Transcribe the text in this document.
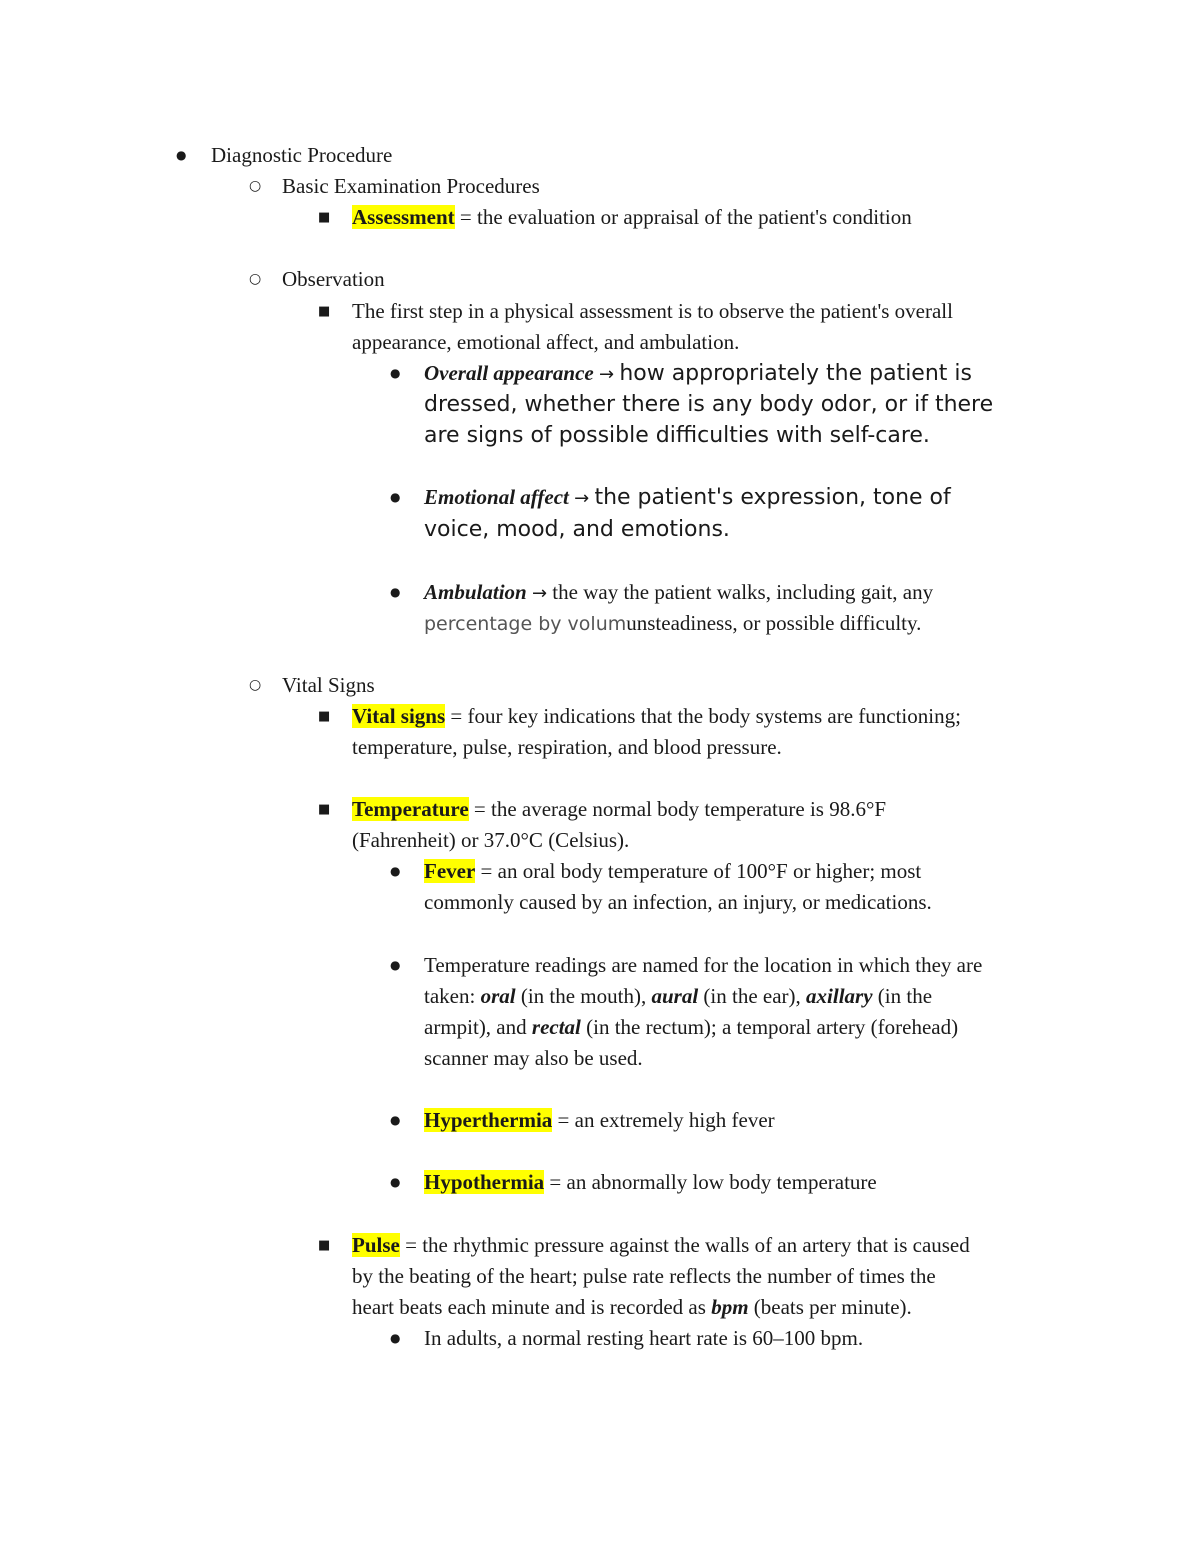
● Diagnostic Procedure
○ Basic Examination Procedures
■ Assessment = the evaluation or appraisal of the patient's condition
○ Observation
■ The first step in a physical assessment is to observe the patient's overall
appearance, emotional affect, and ambulation.
● Overall appearance → how appropriately the patient is
dressed, whether there is any body odor, or if there
are signs of possible difficulties with self-care.
● Emotional affect → the patient's expression, tone of
voice, mood, and emotions.
● Ambulation → the way the patient walks, including gait, any
percentage by volumunsteadiness, or possible difficulty.
○ Vital Signs
■ Vital signs = four key indications that the body systems are functioning;
temperature, pulse, respiration, and blood pressure.
■ Temperature = the average normal body temperature is 98.6°F
(Fahrenheit) or 37.0°C (Celsius).
● Fever = an oral body temperature of 100°F or higher; most
commonly caused by an infection, an injury, or medications.
● Temperature readings are named for the location in which they are
taken: oral (in the mouth), aural (in the ear), axillary (in the
armpit), and rectal (in the rectum); a temporal artery (forehead)
scanner may also be used.
● Hyperthermia = an extremely high fever
● Hypothermia = an abnormally low body temperature
■ Pulse = the rhythmic pressure against the walls of an artery that is caused
by the beating of the heart; pulse rate reflects the number of times the
heart beats each minute and is recorded as bpm (beats per minute).
● In adults, a normal resting heart rate is 60–100 bpm.
